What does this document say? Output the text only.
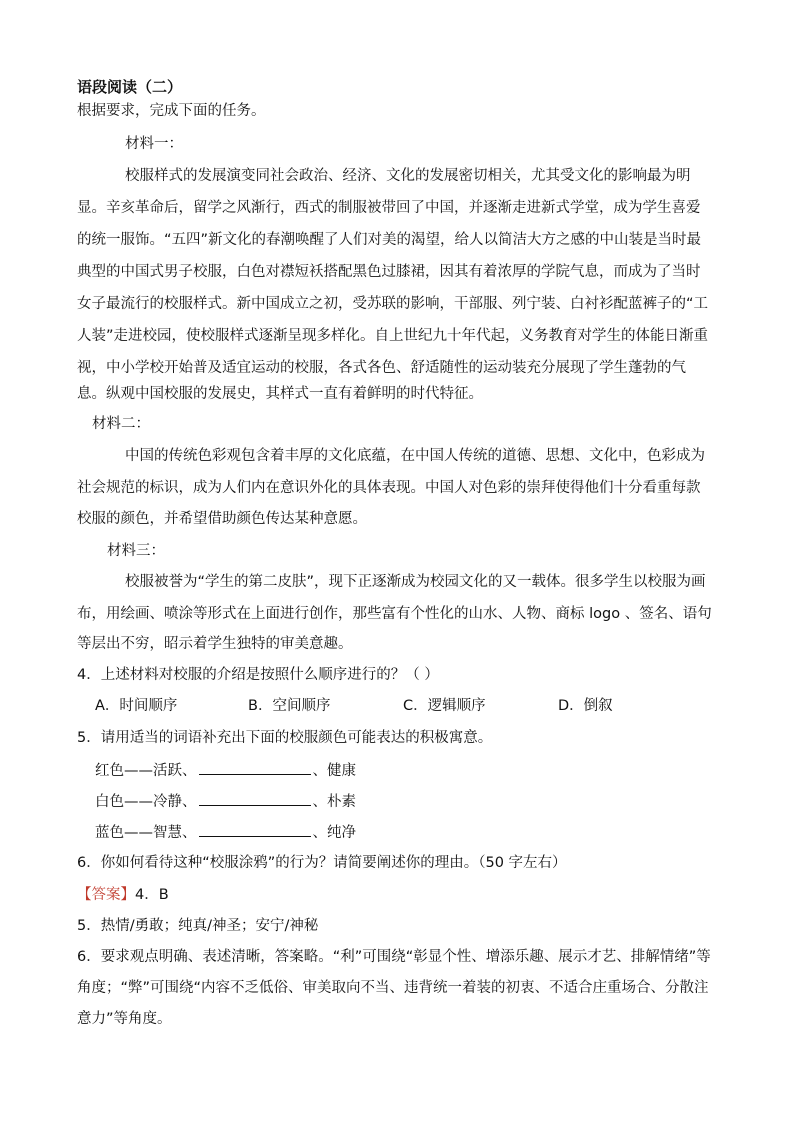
语段阅读（二）
根据要求，完成下面的任务。
材料一：
校服样式的发展演变同社会政治、经济、文化的发展密切相关，尤其受文化的影响最为明
显。辛亥革命后，留学之风渐行，西式的制服被带回了中国，并逐渐走进新式学堂，成为学生喜爱
的统一服饰。“五四”新文化的春潮唤醒了人们对美的渴望，给人以简洁大方之感的中山装是当时最
典型的中国式男子校服，白色对襟短袄搭配黑色过膝裙，因其有着浓厚的学院气息，而成为了当时
女子最流行的校服样式。新中国成立之初，受苏联的影响，干部服、列宁装、白衬衫配蓝裤子的“工
人装”走进校园，使校服样式逐渐呈现多样化。自上世纪九十年代起，义务教育对学生的体能日渐重
视，中小学校开始普及适宜运动的校服，各式各色、舒适随性的运动装充分展现了学生蓬勃的气
息。纵观中国校服的发展史，其样式一直有着鲜明的时代特征。
材料二：
中国的传统色彩观包含着丰厚的文化底蕴，在中国人传统的道德、思想、文化中，色彩成为
社会规范的标识，成为人们内在意识外化的具体表现。中国人对色彩的崇拜使得他们十分看重每款
校服的颜色，并希望借助颜色传达某种意愿。
材料三：
校服被誉为“学生的第二皮肤”，现下正逐渐成为校园文化的又一载体。很多学生以校服为画
布，用绘画、喷涂等形式在上面进行创作，那些富有个性化的山水、人物、商标 logo 、签名、语句
等层出不穷，昭示着学生独特的审美意趣。
4．上述材料对校服的介绍是按照什么顺序进行的？（ ）
A．时间顺序	B．空间顺序	C．逻辑顺序	D．倒叙
5．请用适当的词语补充出下面的校服颜色可能表达的积极寓意。
红色——活跃、	、健康
白色——冷静、	、朴素
蓝色——智慧、	、纯净
6．你如何看待这种“校服涂鸦”的行为？请简要阐述你的理由。（50 字左右）
【答案】4．B
5．热情/勇敢；纯真/神圣；安宁/神秘
6．要求观点明确、表述清晰，答案略。“利”可围绕“彰显个性、增添乐趣、展示才艺、排解情绪”等
角度；“弊”可围绕“内容不乏低俗、审美取向不当、违背统一着装的初衷、不适合庄重场合、分散注
意力”等角度。
